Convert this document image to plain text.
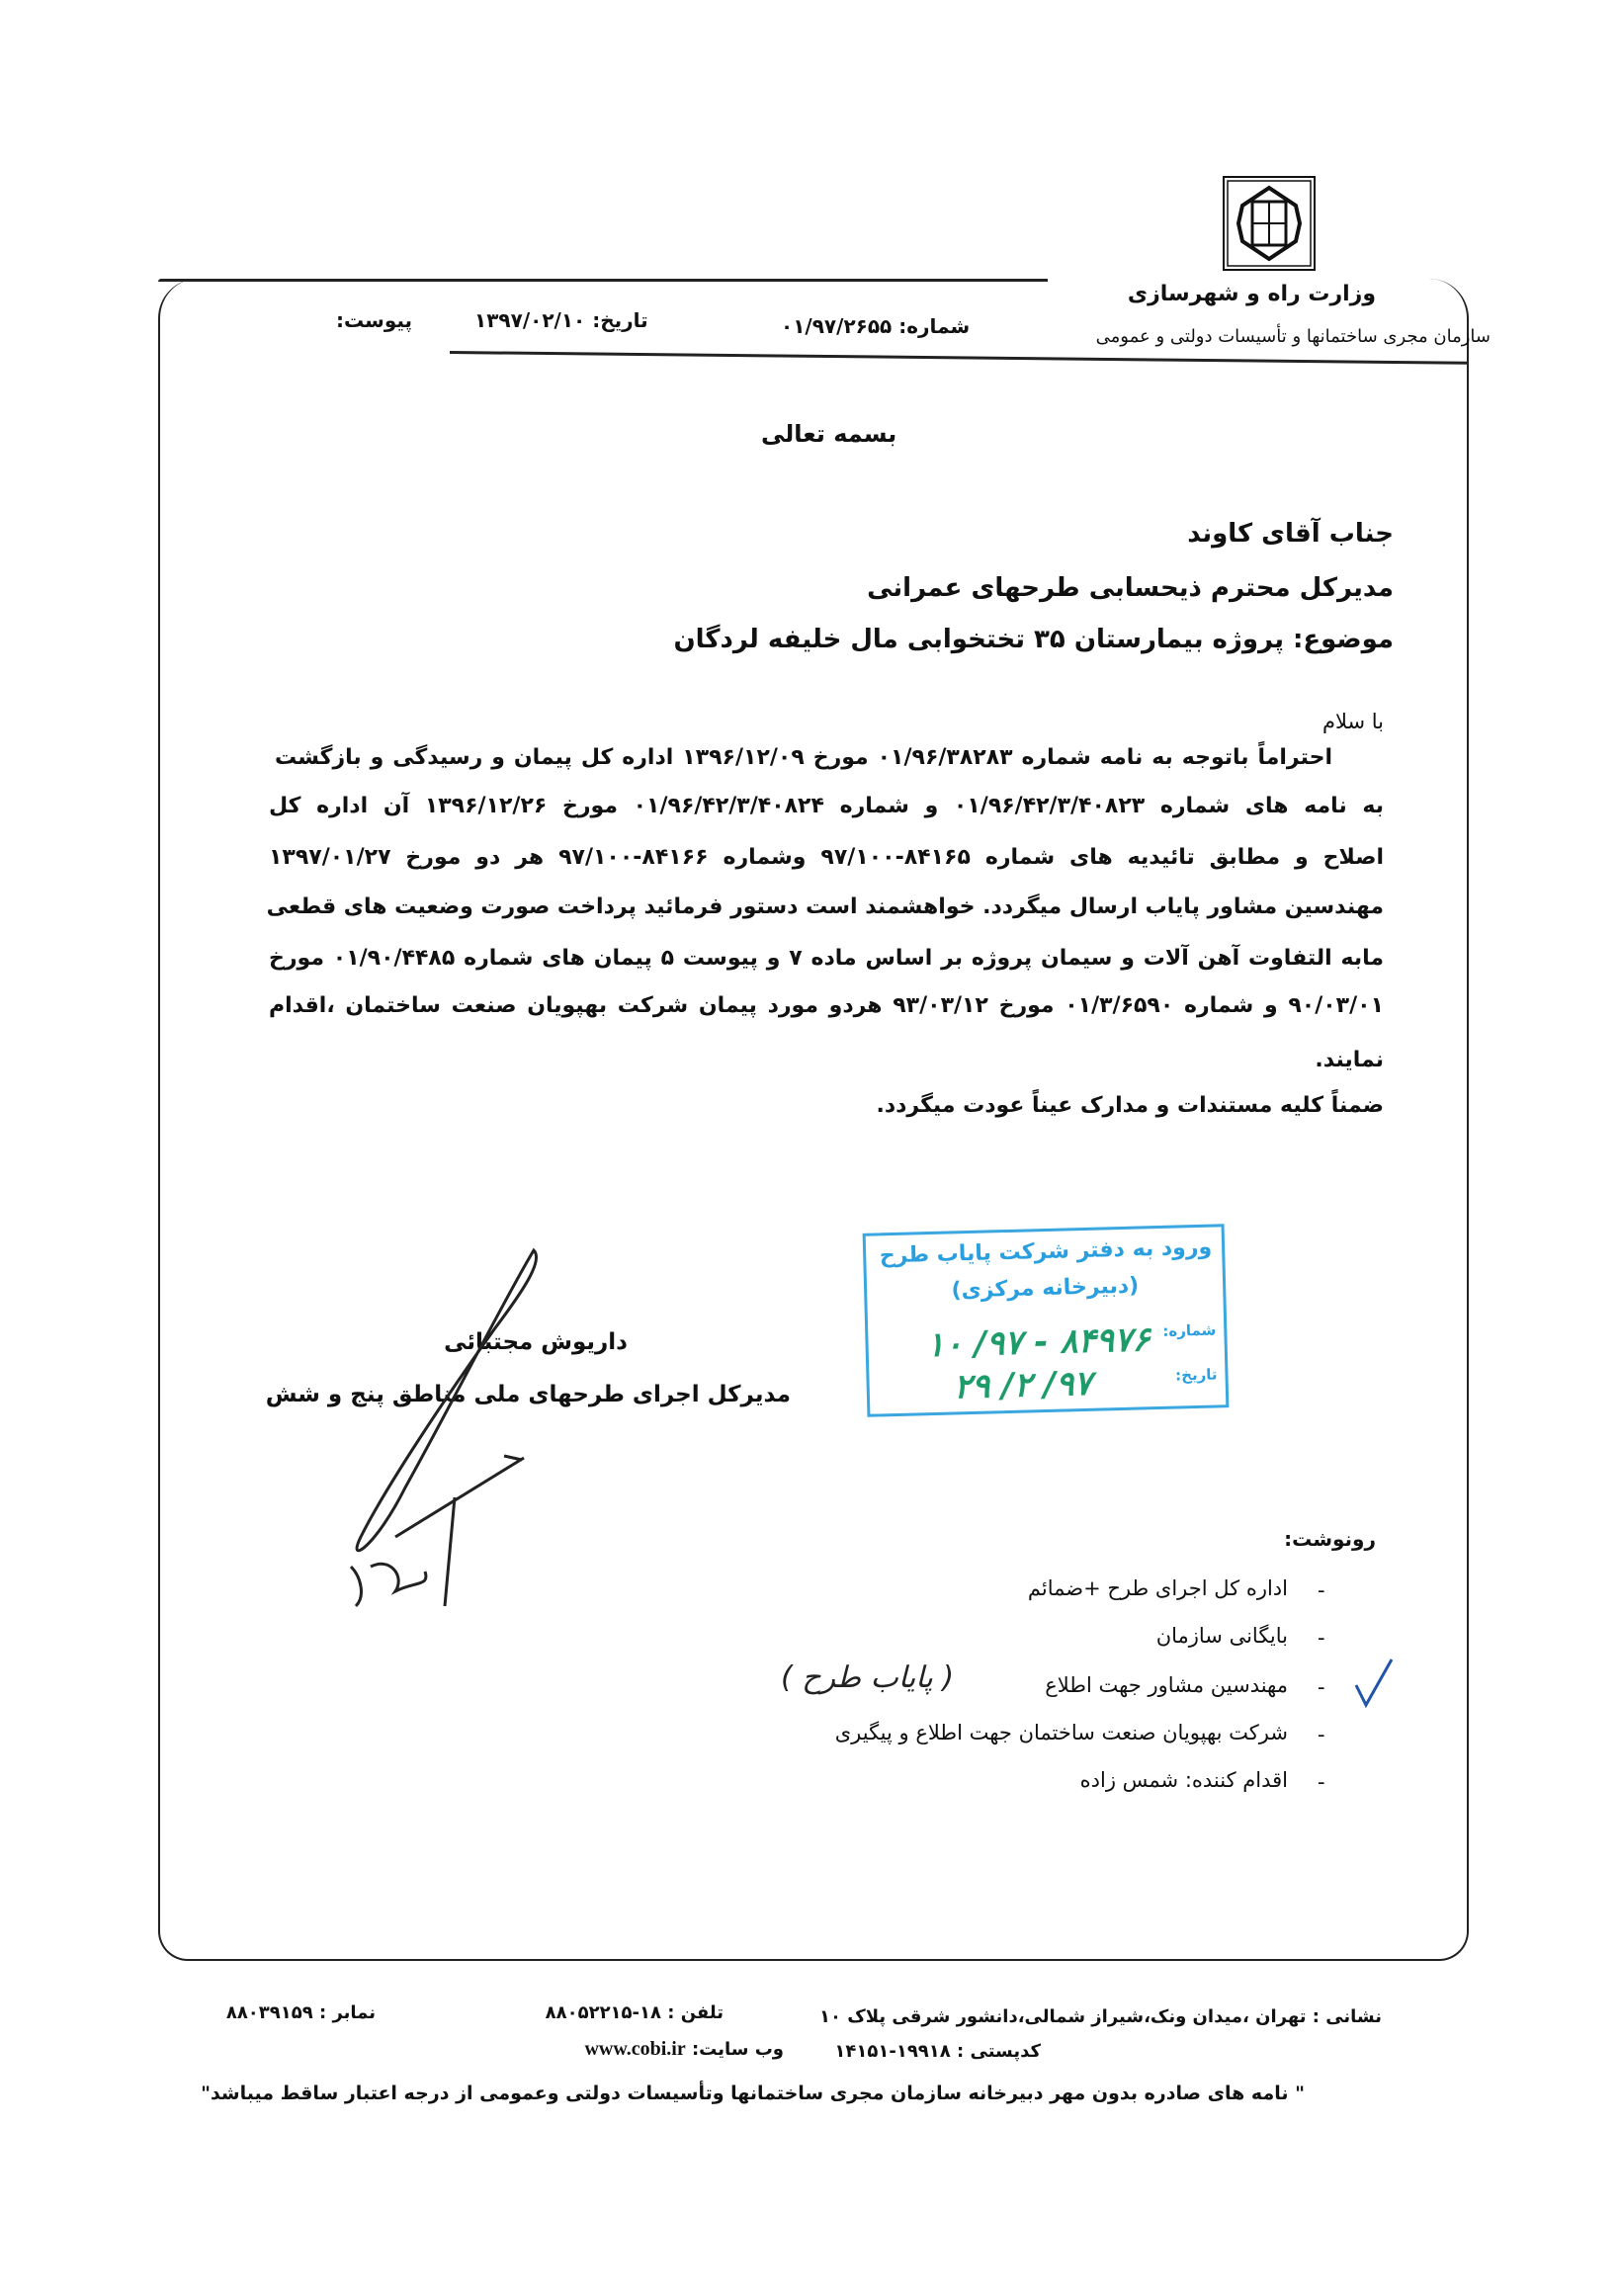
وزارت راه و شهرسازی
سازمان مجری ساختمانها و تأسیسات دولتی و عمومی
شماره: ۰۱/۹۷/۲۶۵۵
تاریخ: ۱۳۹۷/۰۲/۱۰
پیوست:
بسمه تعالی
جناب آقای کاوند
مدیرکل محترم ذیحسابی طرحهای عمرانی
موضوع: پروژه بیمارستان ۳۵ تختخوابی مال خلیفه لردگان
با سلام
احتراماً باتوجه به نامه شماره ۰۱/۹۶/۳۸۲۸۳ مورخ ۱۳۹۶/۱۲/۰۹ اداره کل پیمان و رسیدگی و بازگشت
به نامه های شماره ۰۱/۹۶/۴۲/۳/۴۰۸۲۳ و شماره ۰۱/۹۶/۴۲/۳/۴۰۸۲۴ مورخ ۱۳۹۶/۱۲/۲۶ آن اداره کل
اصلاح و مطابق تائیدیه های شماره ۸۴۱۶۵-۹۷/۱۰۰ وشماره ۸۴۱۶۶-۹۷/۱۰۰ هر دو مورخ ۱۳۹۷/۰۱/۲۷
مهندسین مشاور پایاب ارسال میگردد. خواهشمند است دستور فرمائید پرداخت صورت وضعیت های قطعی
مابه التفاوت آهن آلات و سیمان پروژه بر اساس ماده ۷ و پیوست ۵ پیمان های شماره ۰۱/۹۰/۴۴۸۵ مورخ
۹۰/۰۳/۰۱ و شماره ۰۱/۳/۶۵۹۰ مورخ ۹۳/۰۳/۱۲ هردو مورد پیمان شرکت بهپویان صنعت ساختمان ،اقدام
نمایند.
ضمناً کلیه مستندات و مدارک عیناً عودت میگردد.
ورود به دفتر شرکت پایاب طرح
(دبیرخانه مرکزی)
شماره:
تاریخ:
۸۴۹۷۶ - ۹۷/ ۱۰
۹۷/ ۲/ ۲۹
داریوش مجتبائی
مدیرکل اجرای طرحهای ملی مناطق پنج و شش
رونوشت:
-
اداره کل اجرای طرح +ضمائم
-
بایگانی سازمان
-
مهندسین مشاور جهت اطلاع
-
شرکت بهپویان صنعت ساختمان جهت اطلاع و پیگیری
-
اقدام کننده: شمس زاده
( پایاب طرح )
نشانی : تهران ،میدان ونک،شیراز شمالی،دانشور شرقی پلاک ۱۰
تلفن : ۱۸-۸۸۰۵۲۲۱۵
نمابر : ۸۸۰۳۹۱۵۹
کدپستی : ۱۹۹۱۸-۱۴۱۵۱
وب سایت: www.cobi.ir
" نامه های صادره بدون مهر دبیرخانه سازمان مجری ساختمانها وتأسیسات دولتی وعمومی از درجه اعتبار ساقط میباشد"
